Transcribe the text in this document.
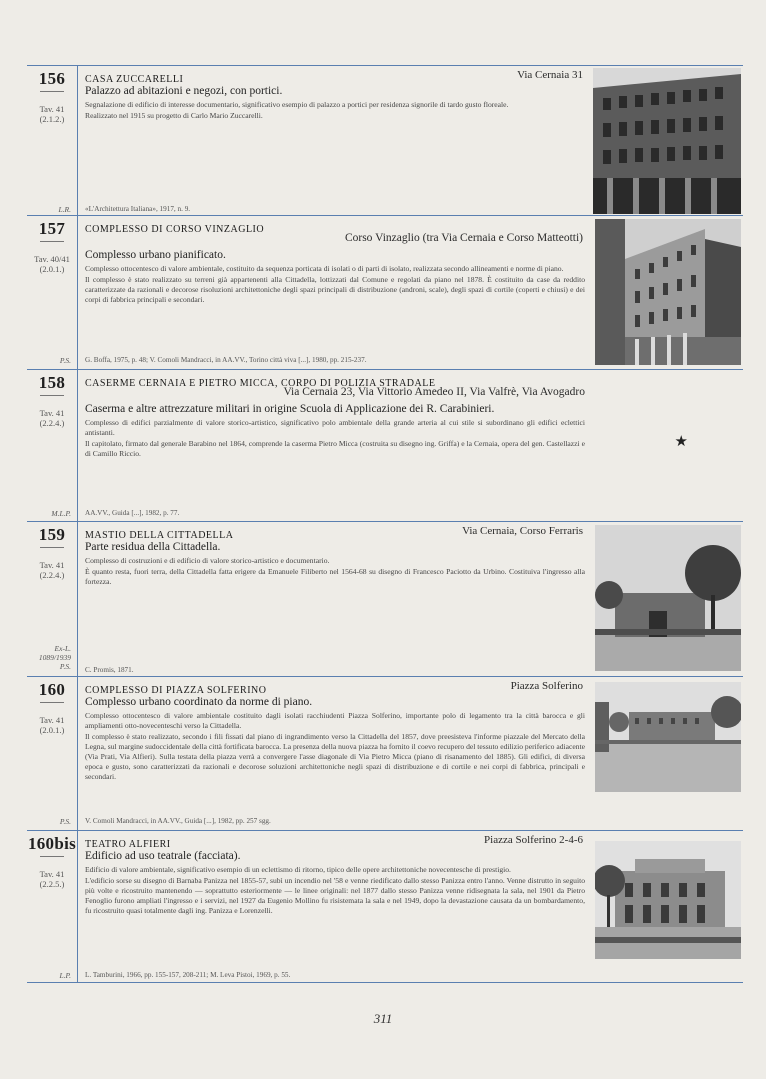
156
Tav. 41
(2.1.2.)
L.R.
CASA ZUCCARELLI	Via Cernaia 31
Palazzo ad abitazioni e negozi, con portici.

Segnalazione di edificio di interesse documentario, significativo esempio di palazzo a portici per residenza signorile di tardo gusto floreale.

Realizzato nel 1915 su progetto di Carlo Mario Zuccarelli.

«L'Architettura Italiana», 1917, n. 9.
157
Tav. 40/41
(2.0.1.)
P.S.
COMPLESSO DI CORSO VINZAGLIO
Corso Vinzaglio (tra Via Cernaia e Corso Matteotti)
Complesso urbano pianificato.

Complesso ottocentesco di valore ambientale, costituito da sequenza porticata di isolati o di parti di isolato, realizzata secondo allineamenti e norme di piano.

Il complesso è stato realizzato su terreni già appartenenti alla Cittadella, lottizzati dal Comune e regolati da piano nel 1878. È costituito da case da reddito caratterizzate da razionali e decorose risoluzioni architettoniche degli spazi principali di distribuzione (androni, scale), degli spazi di cortile (coperti e chiusi) e dei corpi di fabbrica principali e secondari.

G. Boffa, 1975, p. 48; V. Comoli Mandracci, in AA.VV., Torino città viva [...], 1980, pp. 215-237.
158
Tav. 41
(2.2.4.)
M.L.P.
CASERME CERNAIA E PIETRO MICCA, CORPO DI POLIZIA STRADALE
Via Cernaia 23, Via Vittorio Amedeo II, Via Valfrè, Via Avogadro
Caserma e altre attrezzature militari in origine Scuola di Applicazione dei R. Carabinieri.

Complesso di edifici parzialmente di valore storico-artistico, significativo polo ambientale della grande arteria al cui stile si subordinano gli edifici eclettici antistanti.

Il capitolato, firmato dal generale Barabino nel 1864, comprende la caserma Pietro Micca (costruita su disegno ing. Griffa) e la Cernaia, opera del gen. Castellazzi e di Camillo Riccio.

★
AA.VV., Guida [...], 1982, p. 77.
159
Tav. 41
(2.2.4.)
Ex-L.
1089/1939
P.S.
MASTIO DELLA CITTADELLA	Via Cernaia, Corso Ferraris
Parte residua della Cittadella.

Complesso di costruzioni e di edificio di valore storico-artistico e documentario.

È quanto resta, fuori terra, della Cittadella fatta erigere da Emanuele Filiberto nel 1564-68 su disegno di Francesco Paciotto da Urbino. Costituiva l'ingresso alla fortezza.

C. Promis, 1871.
160
Tav. 41
(2.0.1.)
P.S.
COMPLESSO DI PIAZZA SOLFERINO	Piazza Solferino
Complesso urbano coordinato da norme di piano.

Complesso ottocentesco di valore ambientale costituito dagli isolati racchiudenti Piazza Solferino, importante polo di legamento tra la città barocca e gli ampliamenti otto-novecenteschi verso la Cittadella.

Il complesso è stato realizzato, secondo i fili fissati dal piano di ingrandimento verso la Cittadella del 1857, dove preesisteva l'informe piazzale del Mercato della Legna, sul margine sudoccidentale della città fortificata barocca. La presenza della nuova piazza ha fornito il coevo recupero del tessuto edilizio periferico adiacente (Via Prati, Via Alfieri). Sulla testata della piazza verrà a convergere l'asse diagonale di Via Pietro Micca (piano di risanamento del 1885). Gli edifici, di diversa epoca e gusto, sono caratterizzati da razionali e decorose soluzioni architettoniche negli spazi di distribuzione e di cortile e nei corpi di fabbrica, principali e secondari.

V. Comoli Mandracci, in AA.VV., Guida [...], 1982, pp. 257 sgg.
160bis
Tav. 41
(2.2.5.)
L.P.
TEATRO ALFIERI	Piazza Solferino 2-4-6
Edificio ad uso teatrale (facciata).

Edificio di valore ambientale, significativo esempio di un eclettismo di ritorno, tipico delle opere architettoniche novecentesche di prestigio.

L'edificio sorse su disegno di Barnaba Panizza nel 1855-57, subì un incendio nel '58 e venne riedificato dallo stesso Panizza entro l'anno. Venne distrutto in seguito più volte e ricostruito mantenendo — soprattutto esteriormente — le linee originali: nel 1877 dallo stesso Panizza venne ridisegnata la sala, nel 1901 da Pietro Fenoglio furono ampliati l'ingresso e i servizi, nel 1927 da Eugenio Mollino fu risistemata la sala e nel 1949, dopo la devastazione causata da un bombardamento, fu ricostruito quasi totalmente dagli ing. Panizza e Lorenzelli.

L. Tamburini, 1966, pp. 155-157, 208-211; M. Leva Pistoi, 1969, p. 55.
311
